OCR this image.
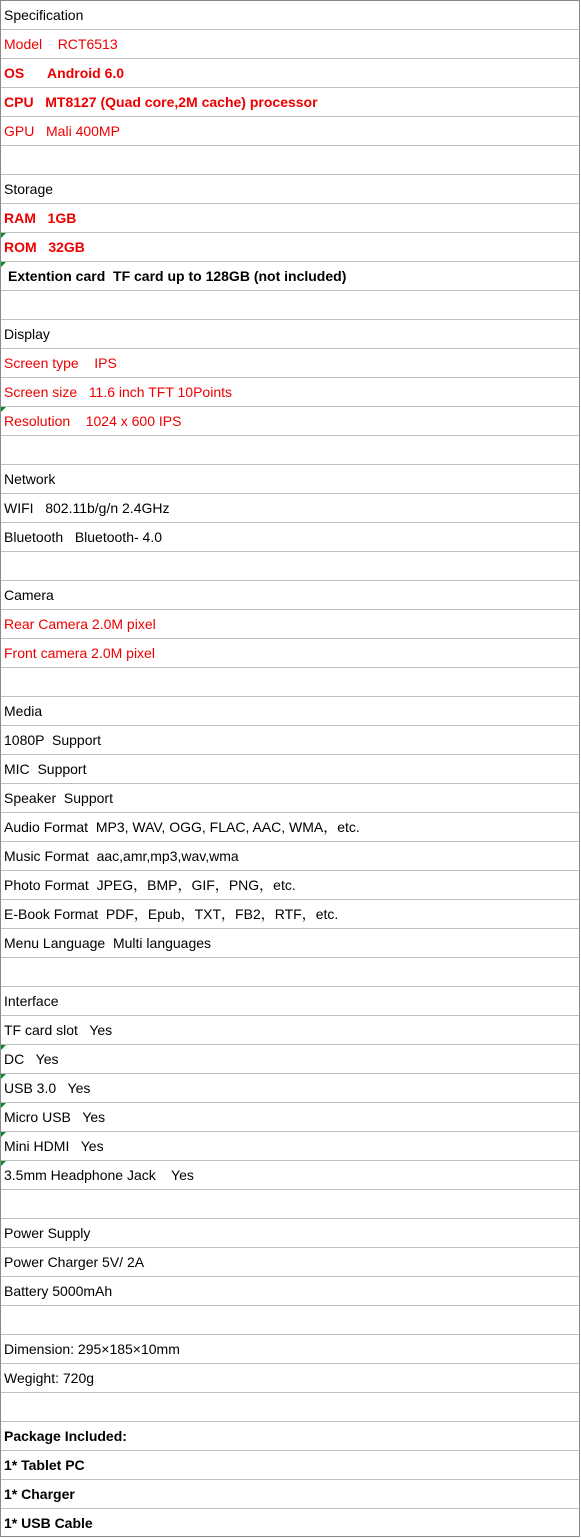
Specification
Model    RCT6513
OS      Android 6.0
CPU   MT8127 (Quad core,2M cache) processor
GPU   Mali 400MP
Storage
RAM   1GB
ROM   32GB
Extention card  TF card up to 128GB (not included)
Display
Screen type    IPS
Screen size   11.6 inch TFT 10Points
Resolution    1024 x 600 IPS
Network
WIFI   802.11b/g/n 2.4GHz
Bluetooth   Bluetooth- 4.0
Camera
Rear Camera 2.0M pixel
Front camera 2.0M pixel
Media
1080P  Support
MIC  Support
Speaker  Support
Audio Format  MP3, WAV, OGG, FLAC, AAC, WMA，etc.
Music Format  aac,amr,mp3,wav,wma
Photo Format  JPEG，BMP，GIF，PNG，etc.
E-Book Format  PDF，Epub，TXT，FB2，RTF，etc.
Menu Language  Multi languages
Interface
TF card slot   Yes
DC   Yes
USB 3.0   Yes
Micro USB   Yes
Mini HDMI   Yes
3.5mm Headphone Jack    Yes
Power Supply
Power Charger 5V/ 2A
Battery 5000mAh
Dimension: 295×185×10mm
Wegight: 720g
Package Included:
1* Tablet PC
1* Charger
1* USB Cable
